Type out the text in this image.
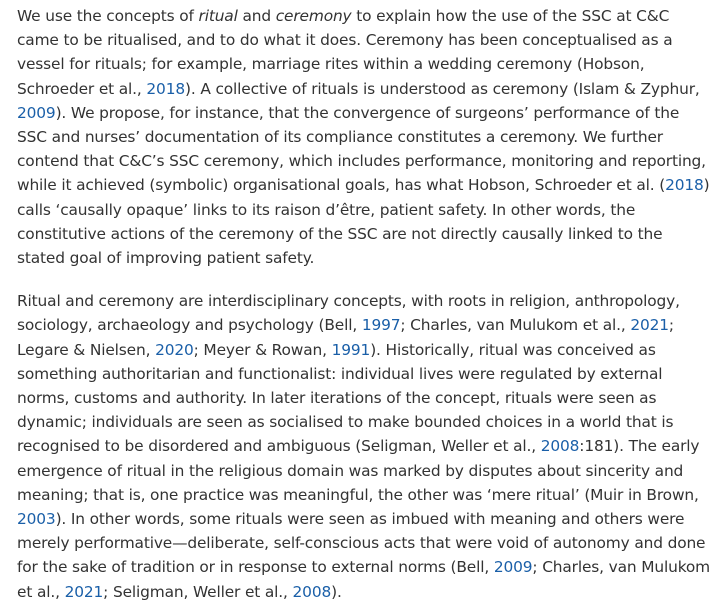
We use the concepts of ritual and ceremony to explain how the use of the SSC at C&C came to be ritualised, and to do what it does. Ceremony has been conceptualised as a vessel for rituals; for example, marriage rites within a wedding ceremony (Hobson, Schroeder et al., 2018). A collective of rituals is understood as ceremony (Islam & Zyphur, 2009). We propose, for instance, that the convergence of surgeons’ performance of the SSC and nurses’ documentation of its compliance constitutes a ceremony. We further contend that C&C’s SSC ceremony, which includes performance, monitoring and reporting, while it achieved (symbolic) organisational goals, has what Hobson, Schroeder et al. (2018) calls ‘causally opaque’ links to its raison d’être, patient safety. In other words, the constitutive actions of the ceremony of the SSC are not directly causally linked to the stated goal of improving patient safety.

Ritual and ceremony are interdisciplinary concepts, with roots in religion, anthropology, sociology, archaeology and psychology (Bell, 1997; Charles, van Mulukom et al., 2021; Legare & Nielsen, 2020; Meyer & Rowan, 1991). Historically, ritual was conceived as something authoritarian and functionalist: individual lives were regulated by external norms, customs and authority. In later iterations of the concept, rituals were seen as dynamic; individuals are seen as socialised to make bounded choices in a world that is recognised to be disordered and ambiguous (Seligman, Weller et al., 2008:181). The early emergence of ritual in the religious domain was marked by disputes about sincerity and meaning; that is, one practice was meaningful, the other was ‘mere ritual’ (Muir in Brown, 2003). In other words, some rituals were seen as imbued with meaning and others were merely performative—deliberate, self-conscious acts that were void of autonomy and done for the sake of tradition or in response to external norms (Bell, 2009; Charles, van Mulukom et al., 2021; Seligman, Weller et al., 2008).
